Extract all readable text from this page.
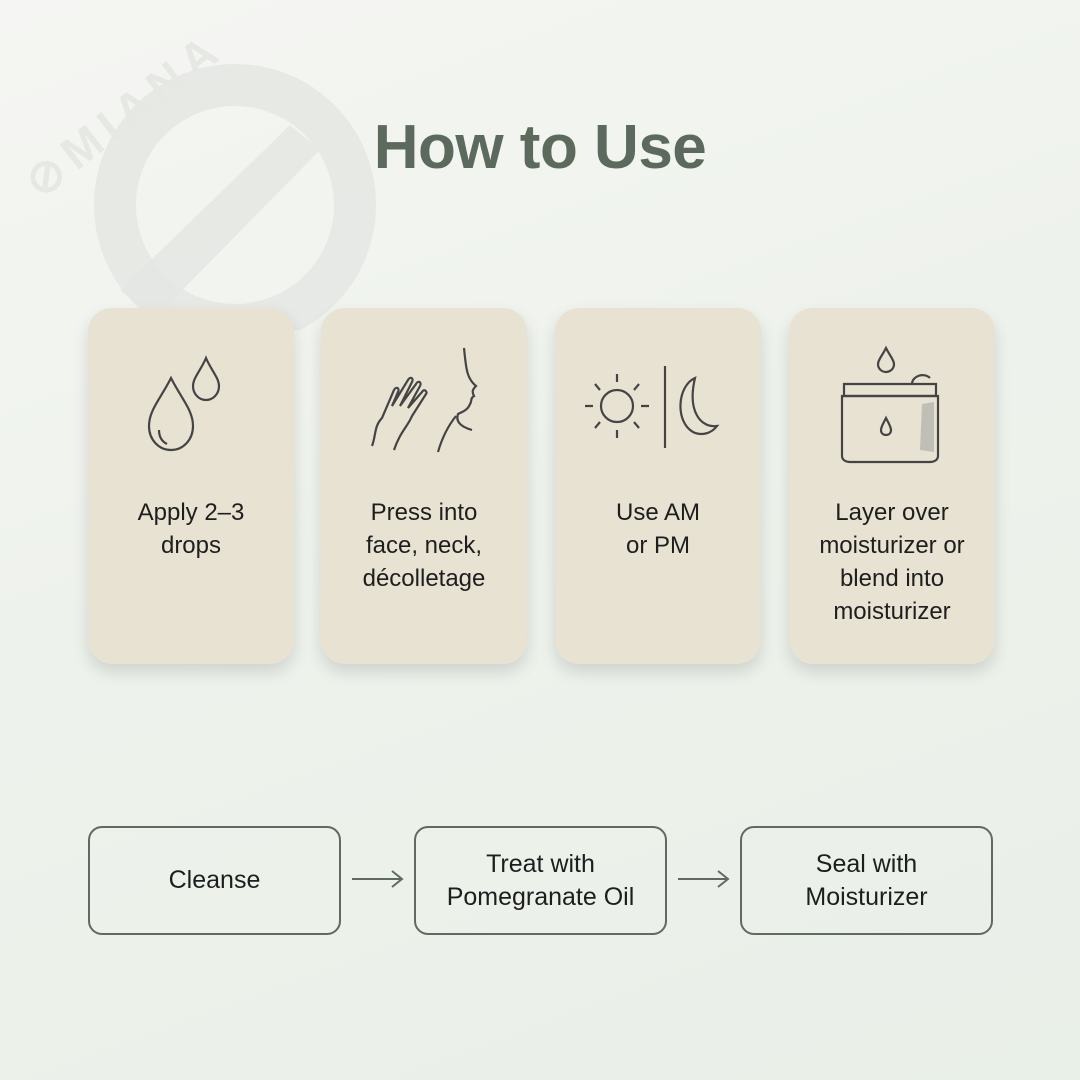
⊘MIANA	How to Use
Apply 2–3
drops
Press into
face, neck,
décolletage
Use AM
or PM
Layer over
moisturizer or
blend into
moisturizer
Cleanse
Treat with
Pomegranate Oil
Seal with
Moisturizer
